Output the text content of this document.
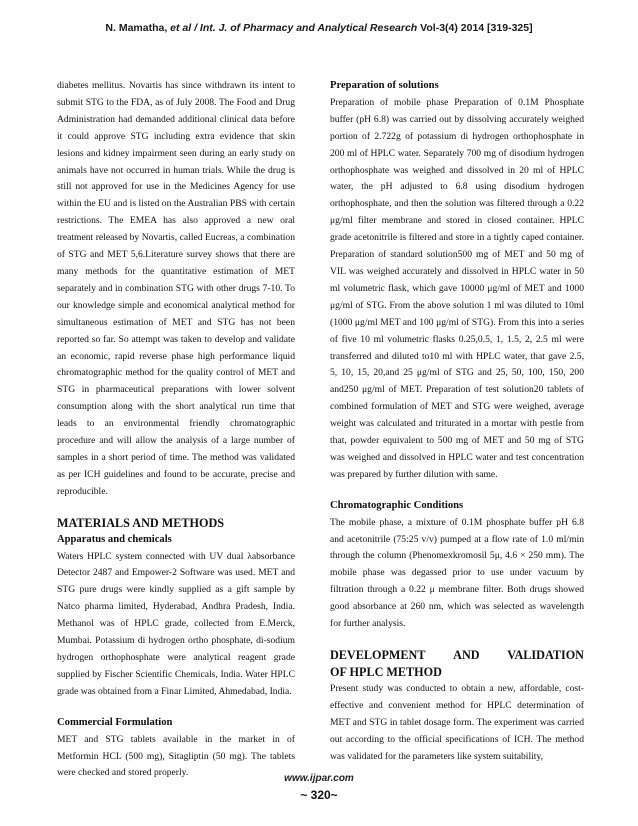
N. Mamatha, et al / Int. J. of Pharmacy and Analytical Research Vol-3(4) 2014 [319-325]

diabetes mellitus. Novartis has since withdrawn its intent to submit STG to the FDA, as of July 2008. The Food and Drug Administration had demanded additional clinical data before it could approve STG including extra evidence that skin lesions and kidney impairment seen during an early study on animals have not occurred in human trials. While the drug is still not approved for use in the Medicines Agency for use within the EU and is listed on the Australian PBS with certain restrictions. The EMEA has also approved a new oral treatment released by Novartis, called Eucreas, a combination of STG and MET 5,6.Literature survey shows that there are many methods for the quantitative estimation of MET separately and in combination STG with other drugs 7-10. To our knowledge simple and economical analytical method for simultaneous estimation of MET and STG has not been reported so far. So attempt was taken to develop and validate an economic, rapid reverse phase high performance liquid chromatographic method for the quality control of MET and STG in pharmaceutical preparations with lower solvent consumption along with the short analytical run time that leads to an environmental friendly chromatographic procedure and will allow the analysis of a large number of samples in a short period of time. The method was validated as per ICH guidelines and found to be accurate, precise and reproducible.

MATERIALS AND METHODS
Apparatus and chemicals

Waters HPLC system connected with UV dual λabsorbance Detector 2487 and Empower-2 Software was used. MET and STG pure drugs were kindly supplied as a gift sample by Natco pharma limited, Hyderabad, Andhra Pradesh, India. Methanol was of HPLC grade, collected from E.Merck, Mumbai. Potassium di hydrogen ortho phosphate, di-sodium hydrogen orthophosphate were analytical reagent grade supplied by Fischer Scientific Chemicals, India. Water HPLC grade was obtained from a Finar Limited, Ahmedabad, India.

Commercial Formulation

MET and STG tablets available in the market in of Metformin HCL (500 mg), Sitagliptin (50 mg). The tablets were checked and stored properly.

Preparation of solutions

Preparation of mobile phase Preparation of 0.1M Phosphate buffer (pH 6.8) was carried out by dissolving accurately weighed portion of 2.722g of potassium di hydrogen orthophosphate in 200 ml of HPLC water. Separately 700 mg of disodium hydrogen orthophosphate was weighed and dissolved in 20 ml of HPLC water, the pH adjusted to 6.8 using disodium hydrogen orthophosphate, and then the solution was filtered through a 0.22 μg/ml filter membrane and stored in closed container. HPLC grade acetonitrile is filtered and store in a tightly caped container. Preparation of standard solution500 mg of MET and 50 mg of VIL was weighed accurately and dissolved in HPLC water in 50 ml volumetric flask, which gave 10000 μg/ml of MET and 1000 μg/ml of STG. From the above solution 1 ml was diluted to 10ml (1000 μg/ml MET and 100 μg/ml of STG). From this into a series of five 10 ml volumetric flasks 0.25,0.5, 1, 1.5, 2, 2.5 ml were transferred and diluted to10 ml with HPLC water, that gave 2.5, 5, 10, 15, 20,and 25 μg/ml of STG and 25, 50, 100, 150, 200 and250 μg/ml of MET. Preparation of test solution20 tablets of combined formulation of MET and STG were weighed, average weight was calculated and triturated in a mortar with pestle from that, powder equivalent to 500 mg of MET and 50 mg of STG was weighed and dissolved in HPLC water and test concentration was prepared by further dilution with same.

Chromatographic Conditions

The mobile phase, a mixture of 0.1M phosphate buffer pH 6.8 and acetonitrile (75:25 v/v) pumped at a flow rate of 1.0 ml/min through the column (Phenomexkromosil 5μ, 4.6 × 250 mm). The mobile phase was degassed prior to use under vacuum by filtration through a 0.22 μ membrane filter. Both drugs showed good absorbance at 260 nm, which was selected as wavelength for further analysis.

DEVELOPMENT AND VALIDATION
OF HPLC METHOD

Present study was conducted to obtain a new, affordable, cost-effective and convenient method for HPLC determination of MET and STG in tablet dosage form. The experiment was carried out according to the official specifications of ICH. The method was validated for the parameters like system suitability,

www.ijpar.com
~ 320~
